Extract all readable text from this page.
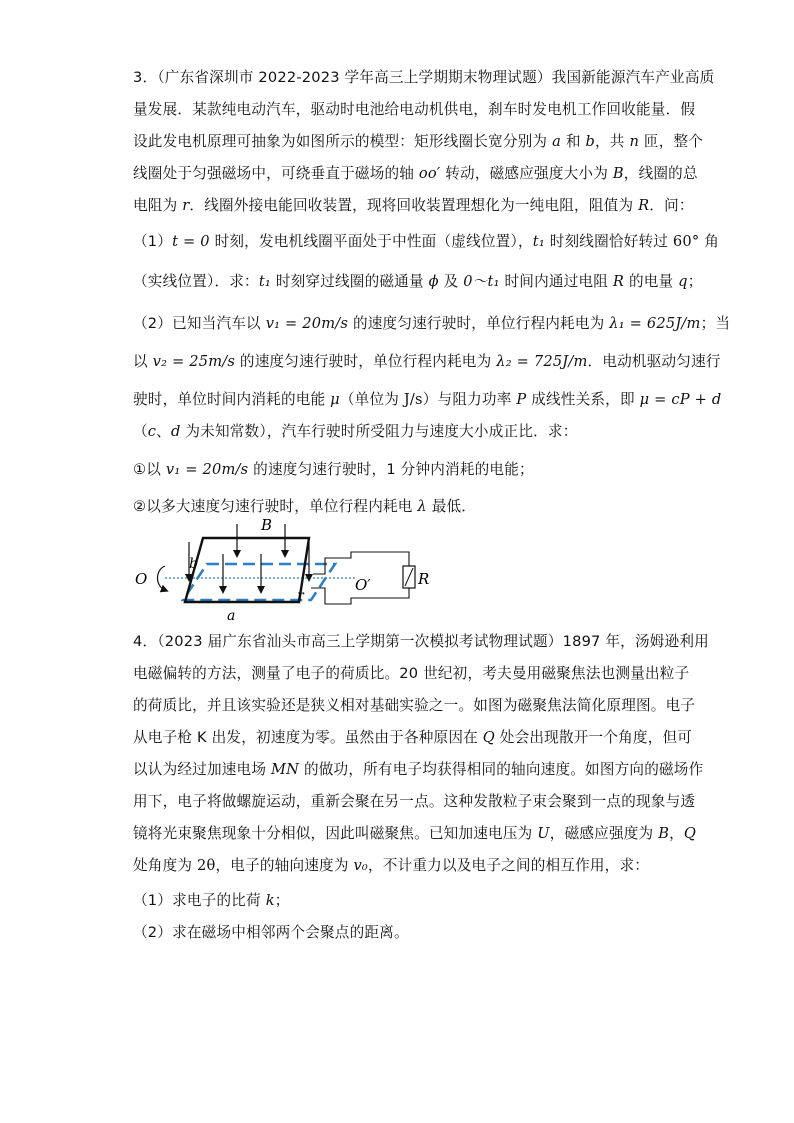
3．（广东省深圳市 2022-2023 学年高三上学期期末物理试题）我国新能源汽车产业高质
量发展．某款纯电动汽车，驱动时电池给电动机供电，刹车时发电机工作回收能量．假
设此发电机原理可抽象为如图所示的模型：矩形线圈长宽分别为 a 和 b，共 n 匝，整个
线圈处于匀强磁场中，可绕垂直于磁场的轴 oo′ 转动，磁感应强度大小为 B，线圈的总
电阻为 r．线圈外接电能回收装置，现将回收装置理想化为一纯电阻，阻值为 R．问：
（1）t = 0 时刻，发电机线圈平面处于中性面（虚线位置），t₁ 时刻线圈恰好转过 60° 角
（实线位置）．求：t₁ 时刻穿过线圈的磁通量 ϕ 及 0～t₁ 时间内通过电阻 R 的电量 q；
（2）已知当汽车以 v₁ = 20m/s 的速度匀速行驶时，单位行程内耗电为 λ₁ = 625J/m；当
以 v₂ = 25m/s 的速度匀速行驶时，单位行程内耗电为 λ₂ = 725J/m．电动机驱动匀速行
驶时，单位时间内消耗的电能 μ（单位为 J/s）与阻力功率 P 成线性关系，即 μ = cP + d
（c、d 为未知常数），汽车行驶时所受阻力与速度大小成正比．求：
①以 v₁ = 20m/s 的速度匀速行驶时，1 分钟内消耗的电能；
②以多大速度匀速行驶时，单位行程内耗电 λ 最低．
B
O
b
a
r
O′	R
4．（2023 届广东省汕头市高三上学期第一次模拟考试物理试题）1897 年，汤姆逊利用
电磁偏转的方法，测量了电子的荷质比。20 世纪初，考夫曼用磁聚焦法也测量出粒子
的荷质比，并且该实验还是狭义相对基础实验之一。如图为磁聚焦法简化原理图。电子
从电子枪 K 出发，初速度为零。虽然由于各种原因在 Q 处会出现散开一个角度，但可
以认为经过加速电场 MN 的做功，所有电子均获得相同的轴向速度。如图方向的磁场作
用下，电子将做螺旋运动，重新会聚在另一点。这种发散粒子束会聚到一点的现象与透
镜将光束聚焦现象十分相似，因此叫磁聚焦。已知加速电压为 U，磁感应强度为 B，Q
处角度为 2θ，电子的轴向速度为 v₀，不计重力以及电子之间的相互作用，求：
（1）求电子的比荷 k；
（2）求在磁场中相邻两个会聚点的距离。
